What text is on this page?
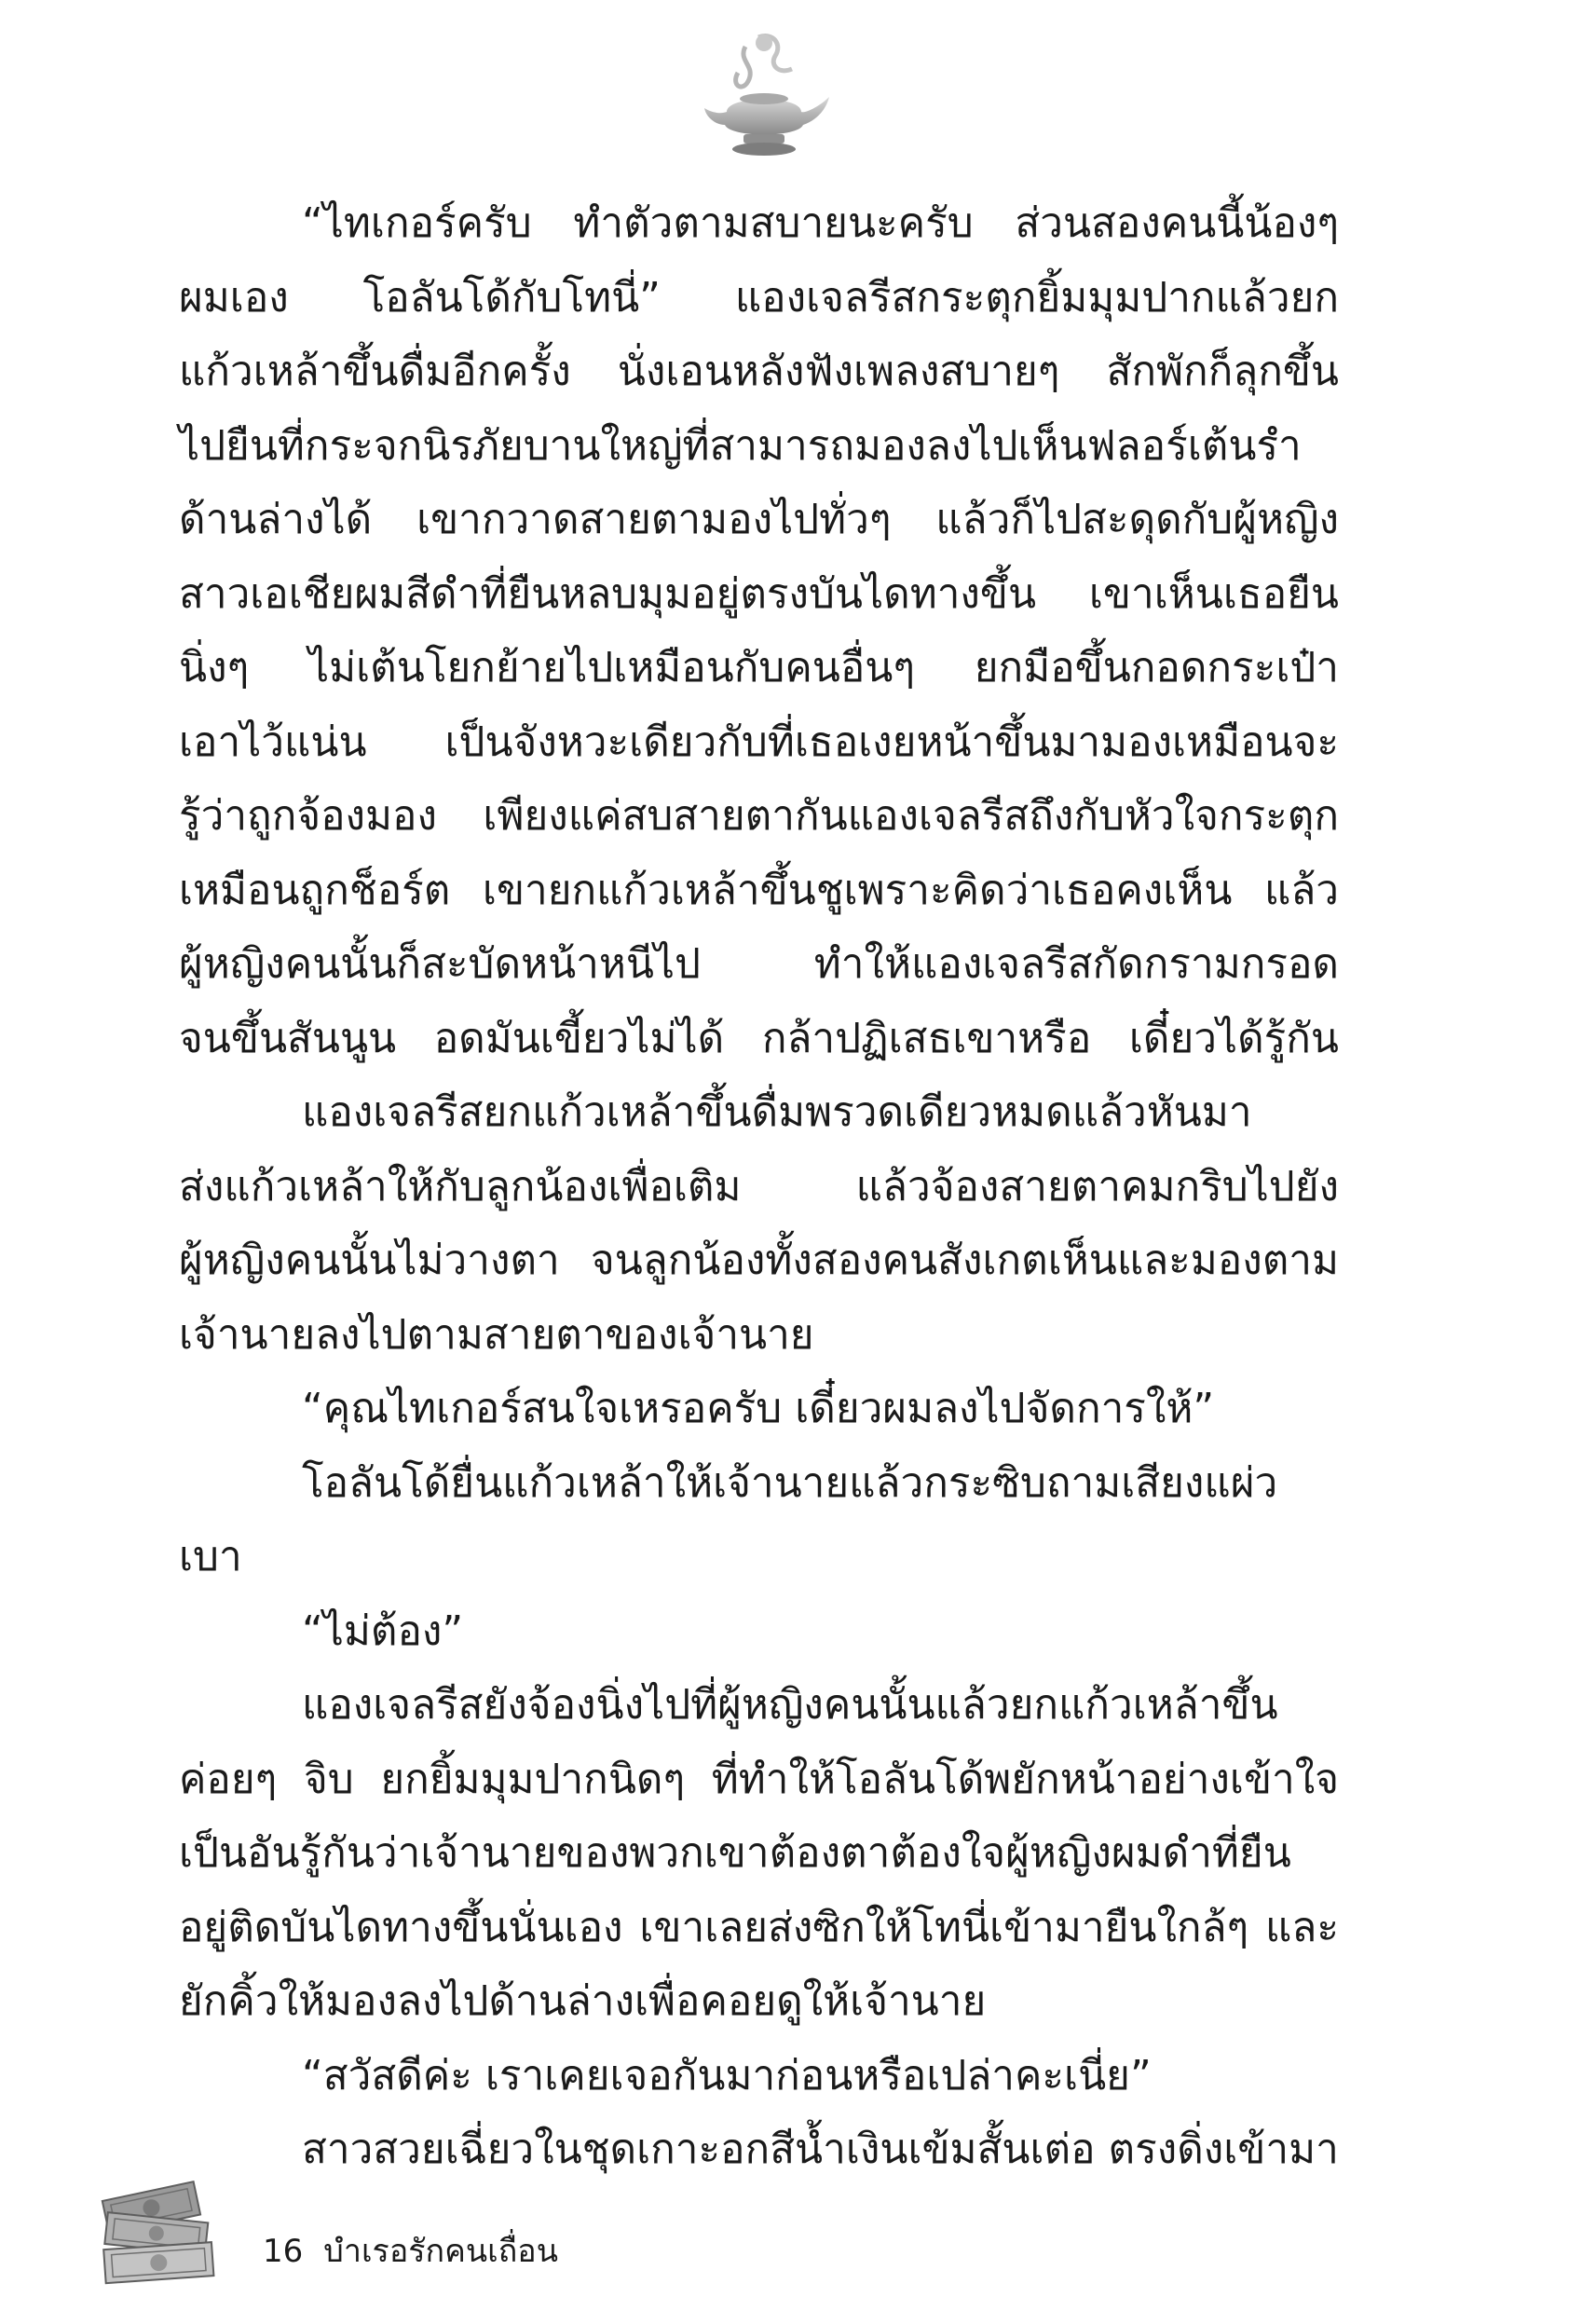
“ไทเกอร์ครับ ทำตัวตามสบายนะครับ ส่วนสองคนนี้น้องๆ

ผมเอง โอลันโด้กับโทนี่” แองเจลรีสกระตุกยิ้มมุมปากแล้วยก

แก้วเหล้าขึ้นดื่มอีกครั้ง นั่งเอนหลังฟังเพลงสบายๆ สักพักก็ลุกขึ้น

ไปยืนที่กระจกนิรภัยบานใหญ่ที่สามารถมองลงไปเห็นฟลอร์เต้นรำ

ด้านล่างได้ เขากวาดสายตามองไปทั่วๆ แล้วก็ไปสะดุดกับผู้หญิง

สาวเอเชียผมสีดำที่ยืนหลบมุมอยู่ตรงบันไดทางขึ้น เขาเห็นเธอยืน

นิ่งๆ ไม่เต้นโยกย้ายไปเหมือนกับคนอื่นๆ ยกมือขึ้นกอดกระเป๋า

เอาไว้แน่น เป็นจังหวะเดียวกับที่เธอเงยหน้าขึ้นมามองเหมือนจะ

รู้ว่าถูกจ้องมอง เพียงแค่สบสายตากันแองเจลรีสถึงกับหัวใจกระตุก

เหมือนถูกช็อร์ต เขายกแก้วเหล้าขึ้นชูเพราะคิดว่าเธอคงเห็น แล้ว

ผู้หญิงคนนั้นก็สะบัดหน้าหนีไป ทำให้แองเจลรีสกัดกรามกรอด

จนขึ้นสันนูน อดมันเขี้ยวไม่ได้ กล้าปฏิเสธเขาหรือ เดี๋ยวได้รู้กัน

แองเจลรีสยกแก้วเหล้าขึ้นดื่มพรวดเดียวหมดแล้วหันมา

ส่งแก้วเหล้าให้กับลูกน้องเพื่อเติม แล้วจ้องสายตาคมกริบไปยัง

ผู้หญิงคนนั้นไม่วางตา จนลูกน้องทั้งสองคนสังเกตเห็นและมองตาม

เจ้านายลงไปตามสายตาของเจ้านาย

“คุณไทเกอร์สนใจเหรอครับ เดี๋ยวผมลงไปจัดการให้”

โอลันโด้ยื่นแก้วเหล้าให้เจ้านายแล้วกระซิบถามเสียงแผ่วเบา

“ไม่ต้อง”

แองเจลรีสยังจ้องนิ่งไปที่ผู้หญิงคนนั้นแล้วยกแก้วเหล้าขึ้น

ค่อยๆ จิบ ยกยิ้มมุมปากนิดๆ ที่ทำให้โอลันโด้พยักหน้าอย่างเข้าใจ

เป็นอันรู้กันว่าเจ้านายของพวกเขาต้องตาต้องใจผู้หญิงผมดำที่ยืน

อยู่ติดบันไดทางขึ้นนั่นเอง เขาเลยส่งซิกให้โทนี่เข้ามายืนใกล้ๆ และ

ยักคิ้วให้มองลงไปด้านล่างเพื่อคอยดูให้เจ้านาย

“สวัสดีค่ะ เราเคยเจอกันมาก่อนหรือเปล่าคะเนี่ย”

สาวสวยเฉี่ยวในชุดเกาะอกสีน้ำเงินเข้มสั้นเต่อ ตรงดิ่งเข้ามา

16 บำเรอรักคนเถื่อน
